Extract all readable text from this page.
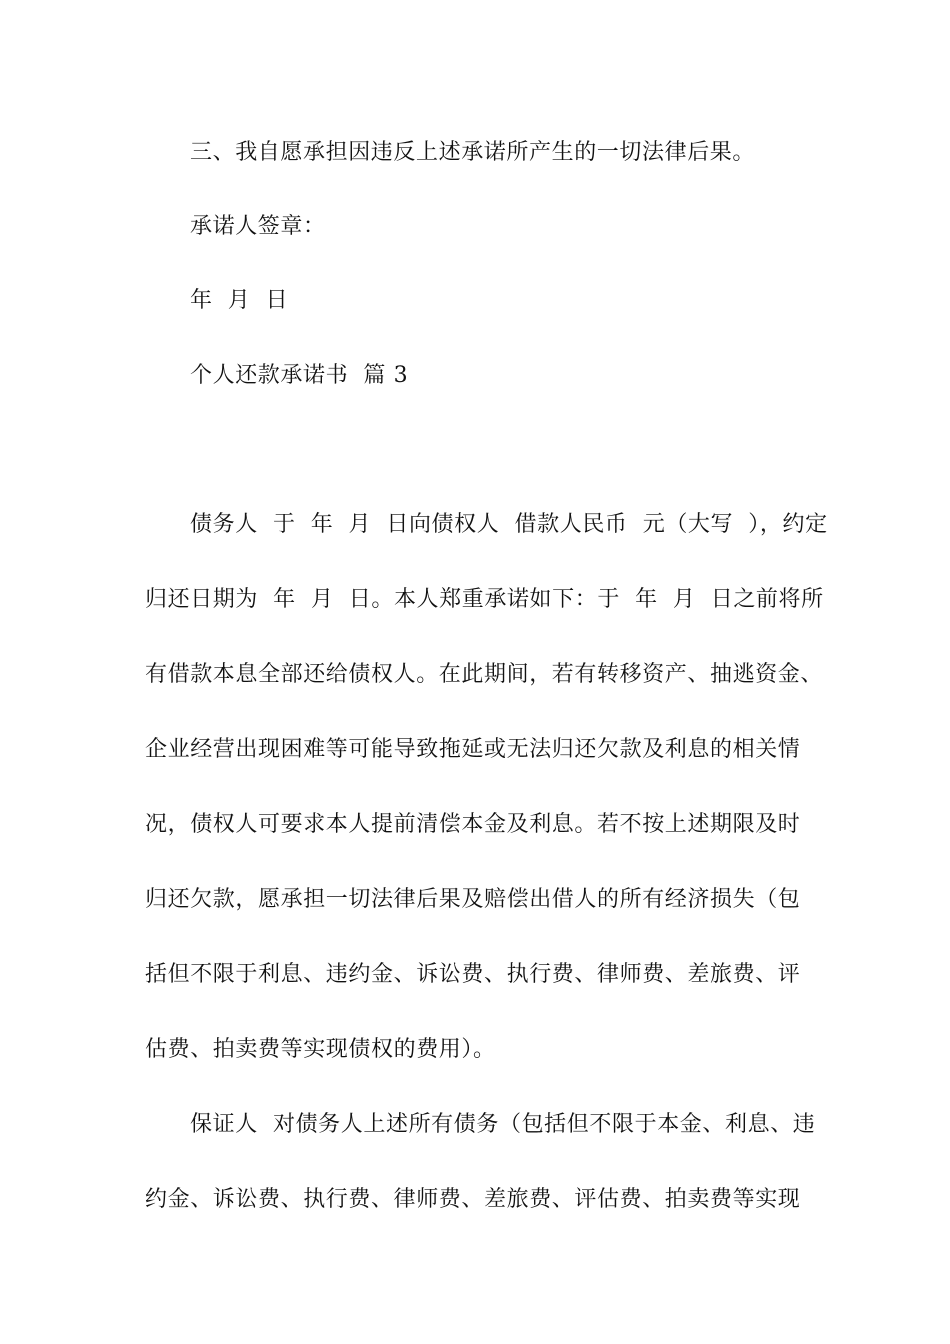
三、我自愿承担因违反上述承诺所产生的一切法律后果。
承诺人签章：
年  月  日
个人还款承诺书  篇 3
债务人  于  年  月  日向债权人  借款人民币  元（大写  ），约定
归还日期为  年  月  日。本人郑重承诺如下：于  年  月  日之前将所
有借款本息全部还给债权人。在此期间，若有转移资产、抽逃资金、
企业经营出现困难等可能导致拖延或无法归还欠款及利息的相关情
况，债权人可要求本人提前清偿本金及利息。若不按上述期限及时
归还欠款，愿承担一切法律后果及赔偿出借人的所有经济损失（包
括但不限于利息、违约金、诉讼费、执行费、律师费、差旅费、评
估费、拍卖费等实现债权的费用）。
保证人  对债务人上述所有债务（包括但不限于本金、利息、违
约金、诉讼费、执行费、律师费、差旅费、评估费、拍卖费等实现
